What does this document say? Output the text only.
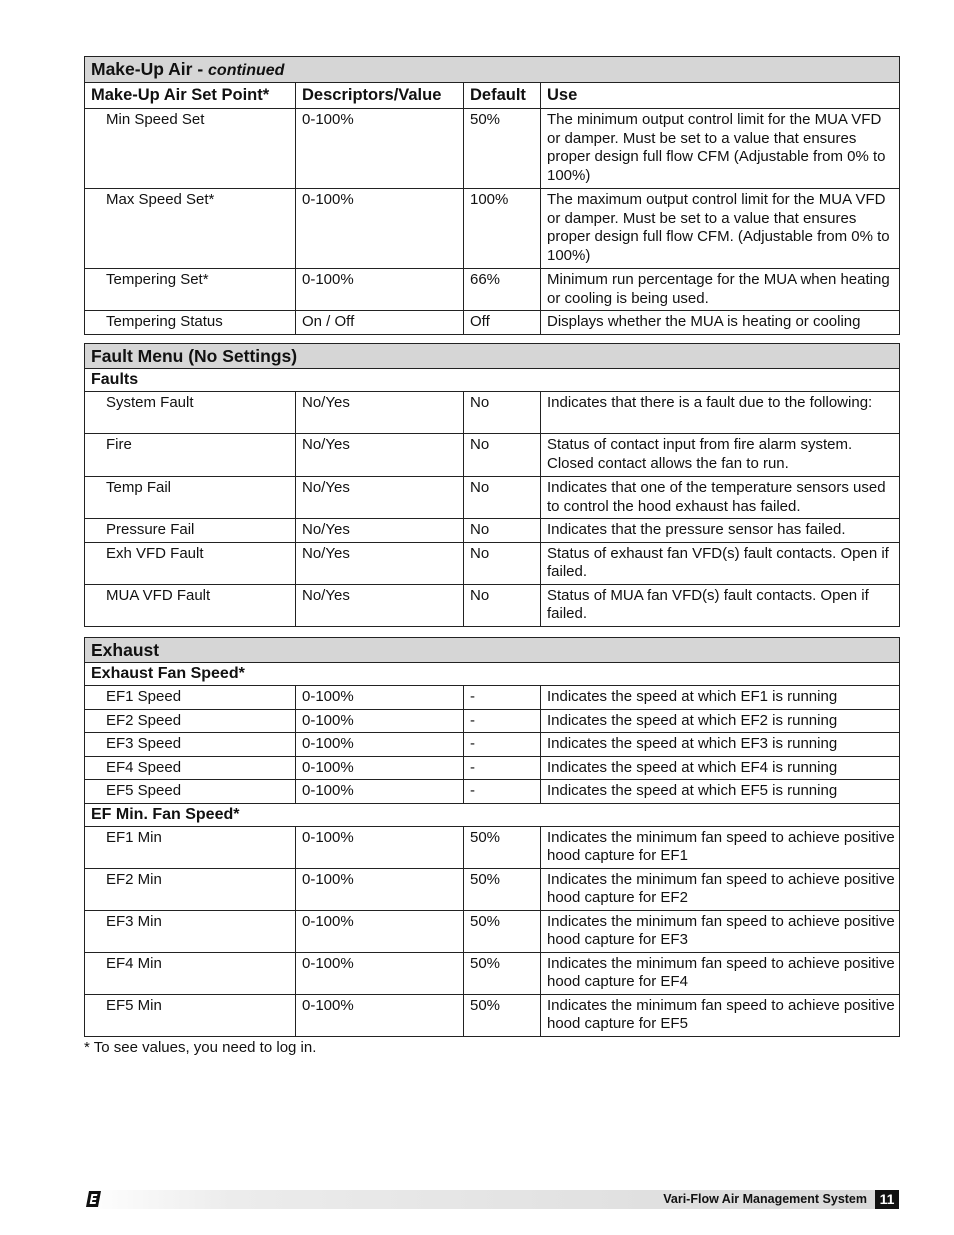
Make-Up Air - continued			
Make-Up Air Set Point*	Descriptors/Value	Default	Use
Min Speed Set	0-100%	50%	The minimum output control limit for the MUA VFD or damper. Must be set to a value that ensures proper design full flow CFM (Adjustable from 0% to 100%)
Max Speed Set*	0-100%	100%	The maximum output control limit for the MUA VFD or damper. Must be set to a value that ensures proper design full flow CFM. (Adjustable from 0% to 100%)
Tempering Set*	0-100%	66%	Minimum run percentage for the MUA when heating or cooling is being used.
Tempering Status	On / Off	Off	Displays whether the MUA is heating or cooling
Fault Menu (No Settings)			
Faults			
System Fault	No/Yes	No	Indicates that there is a fault due to the following:
Fire	No/Yes	No	Status of contact input from fire alarm system. Closed contact allows the fan to run.
Temp Fail	No/Yes	No	Indicates that one of the temperature sensors used to control the hood exhaust has failed.
Pressure Fail	No/Yes	No	Indicates that the pressure sensor has failed.
Exh VFD Fault	No/Yes	No	Status of exhaust fan VFD(s) fault contacts. Open if failed.
MUA VFD Fault	No/Yes	No	Status of MUA fan VFD(s) fault contacts. Open if failed.
Exhaust			
Exhaust Fan Speed*			
EF1 Speed	0-100%	-	Indicates the speed at which EF1 is running
EF2 Speed	0-100%	-	Indicates the speed at which EF2 is running
EF3 Speed	0-100%	-	Indicates the speed at which EF3 is running
EF4 Speed	0-100%	-	Indicates the speed at which EF4 is running
EF5 Speed	0-100%	-	Indicates the speed at which EF5 is running
EF Min. Fan Speed*			
EF1 Min	0-100%	50%	Indicates the minimum fan speed to achieve positive hood capture for EF1
EF2 Min	0-100%	50%	Indicates the minimum fan speed to achieve positive hood capture for EF2
EF3 Min	0-100%	50%	Indicates the minimum fan speed to achieve positive hood capture for EF3
EF4 Min	0-100%	50%	Indicates the minimum fan speed to achieve positive hood capture for EF4
EF5 Min	0-100%	50%	Indicates the minimum fan speed to achieve positive hood capture for EF5
* To see values, you need to log in.
Vari-Flow Air Management System 11
